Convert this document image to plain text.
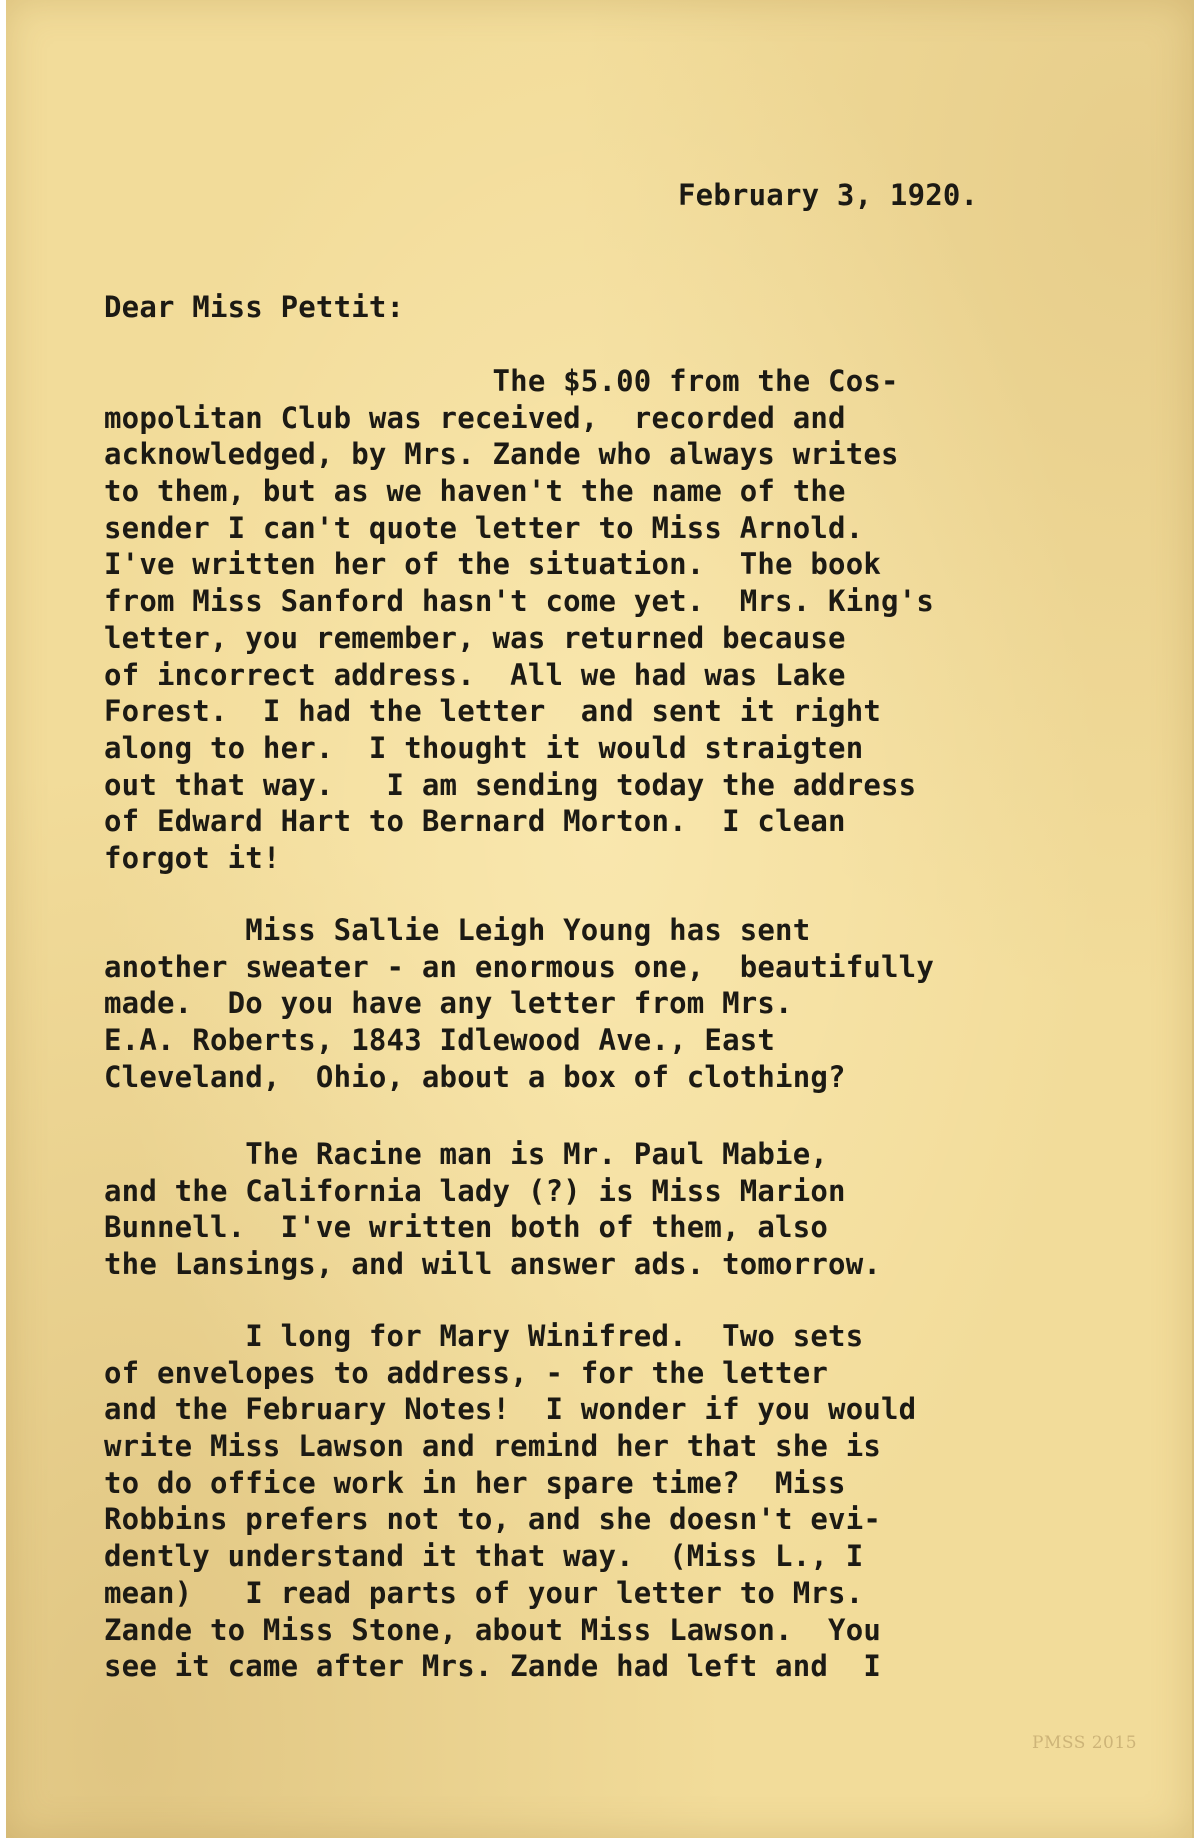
February 3, 1920.
Dear Miss Pettit:
The $5.00 from the Cos-
mopolitan Club was received,  recorded and
acknowledged, by Mrs. Zande who always writes
to them, but as we haven't the name of the
sender I can't quote letter to Miss Arnold.
I've written her of the situation.  The book
from Miss Sanford hasn't come yet.  Mrs. King's
letter, you remember, was returned because
of incorrect address.  All we had was Lake
Forest.  I had the letter  and sent it right
along to her.  I thought it would straigten
out that way.   I am sending today the address
of Edward Hart to Bernard Morton.  I clean
forgot it!
Miss Sallie Leigh Young has sent
another sweater - an enormous one,  beautifully
made.  Do you have any letter from Mrs.
E.A. Roberts, 1843 Idlewood Ave., East
Cleveland,  Ohio, about a box of clothing?
The Racine man is Mr. Paul Mabie,
and the California lady (?) is Miss Marion
Bunnell.  I've written both of them, also
the Lansings, and will answer ads. tomorrow.
I long for Mary Winifred.  Two sets
of envelopes to address, - for the letter
and the February Notes!  I wonder if you would
write Miss Lawson and remind her that she is
to do office work in her spare time?  Miss
Robbins prefers not to, and she doesn't evi-
dently understand it that way.  (Miss L., I
mean)   I read parts of your letter to Mrs.
Zande to Miss Stone, about Miss Lawson.  You
see it came after Mrs. Zande had left and  I
PMSS 2015
